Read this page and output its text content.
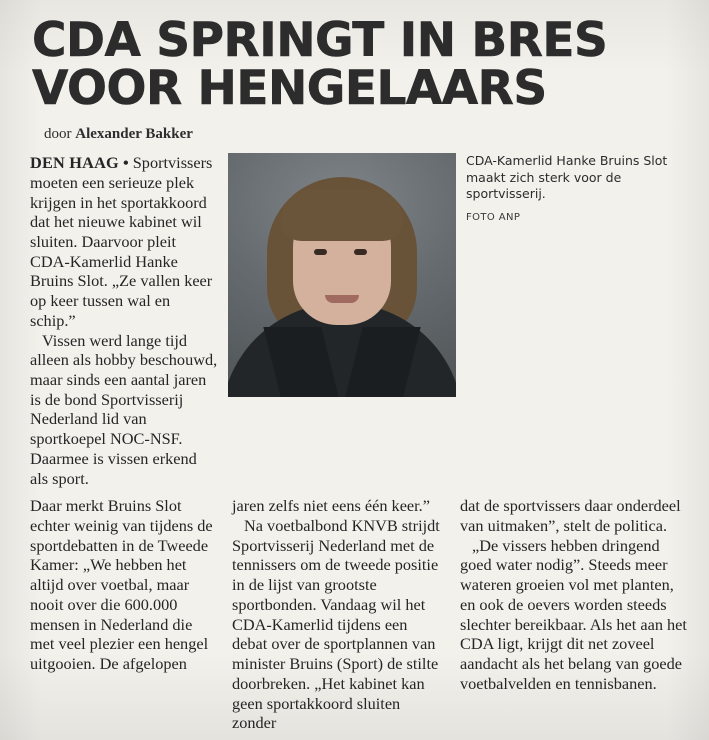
CDA SPRINGT IN BRES
VOOR HENGELAARS
door Alexander Bakker

DEN HAAG • Sportvissers moeten een serieuze plek krijgen in het sportakkoord dat het nieuwe kabinet wil sluiten. Daarvoor pleit CDA-Kamerlid Hanke Bruins Slot. „Ze vallen keer op keer tussen wal en schip.”

Vissen werd lange tijd alleen als hobby beschouwd, maar sinds een aantal jaren is de bond Sportvisserij Nederland lid van sportkoepel NOC-NSF. Daarmee is vissen erkend als sport.

CDA-Kamerlid Hanke Bruins Slot maakt zich sterk voor de sportvisserij.
FOTO ANP

Daar merkt Bruins Slot echter weinig van tijdens de sportdebatten in de Tweede Kamer: „We hebben het altijd over voetbal, maar nooit over die 600.000 mensen in Nederland die met veel plezier een hengel uitgooien. De afgelopen

jaren zelfs niet eens één keer.”

Na voetbalbond KNVB strijdt Sportvisserij Nederland met de tennissers om de tweede positie in de lijst van grootste sportbonden. Vandaag wil het CDA-Kamerlid tijdens een debat over de sportplannen van minister Bruins (Sport) de stilte doorbreken. „Het kabinet kan geen sportakkoord sluiten zonder

dat de sportvissers daar onderdeel van uitmaken”, stelt de politica.

„De vissers hebben dringend goed water nodig”. Steeds meer wateren groeien vol met planten, en ook de oevers worden steeds slechter bereikbaar. Als het aan het CDA ligt, krijgt dit net zoveel aandacht als het belang van goede voetbalvelden en tennisbanen.
